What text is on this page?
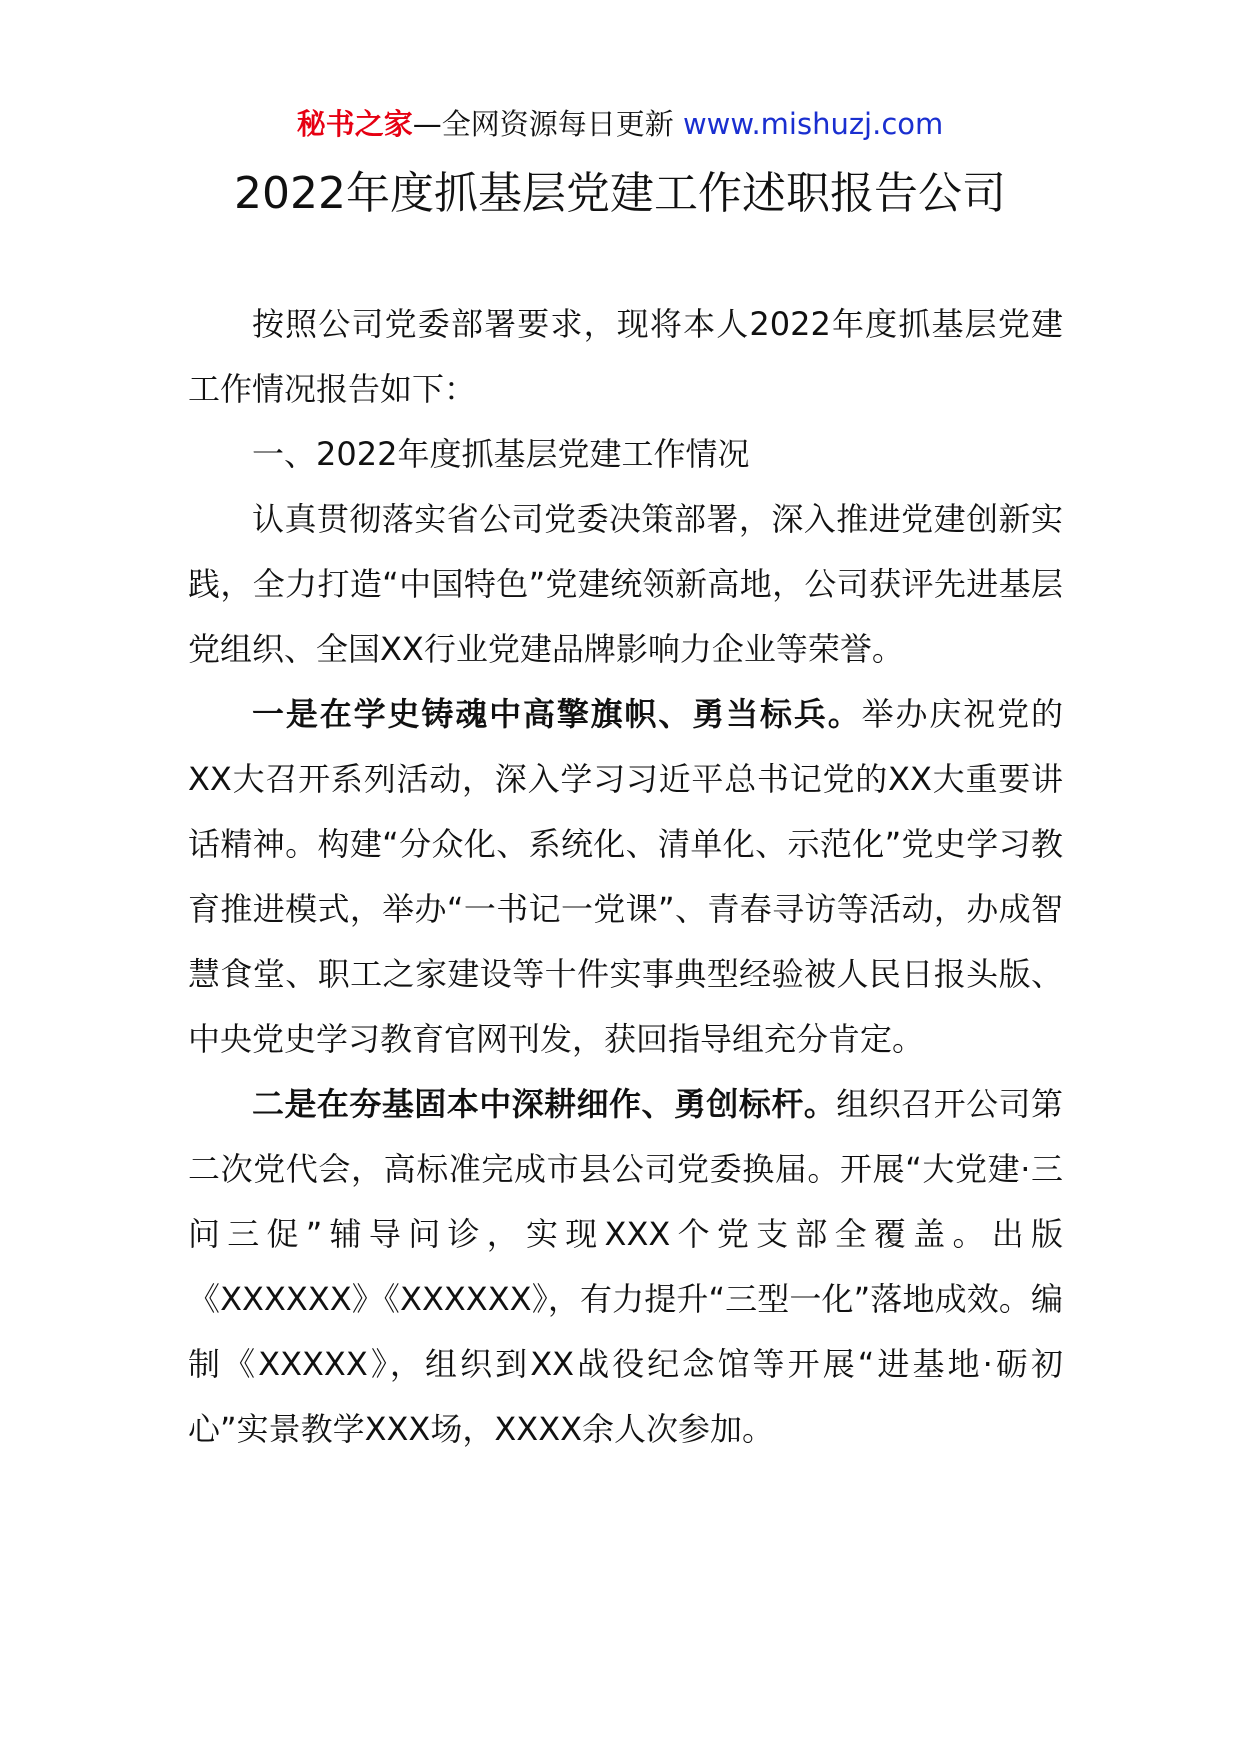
秘书之家—全网资源每日更新 www.mishuzj.com
2022年度抓基层党建工作述职报告公司

按照公司党委部署要求，现将本人2022年度抓基层党建工作情况报告如下：

一、2022年度抓基层党建工作情况

认真贯彻落实省公司党委决策部署，深入推进党建创新实践，全力打造“中国特色”党建统领新高地，公司获评先进基层党组织、全国XX行业党建品牌影响力企业等荣誉。

一是在学史铸魂中高擎旗帜、勇当标兵。举办庆祝党的XX大召开系列活动，深入学习习近平总书记党的XX大重要讲话精神。构建“分众化、系统化、清单化、示范化”党史学习教育推进模式，举办“一书记一党课”、青春寻访等活动，办成智慧食堂、职工之家建设等十件实事典型经验被人民日报头版、中央党史学习教育官网刊发，获回指导组充分肯定。

二是在夯基固本中深耕细作、勇创标杆。组织召开公司第二次党代会，高标准完成市县公司党委换届。开展“大党建·三问三促”辅导问诊，实现XXX个党支部全覆盖。出版《XXXXXX》《XXXXXX》，有力提升“三型一化”落地成效。编制《XXXXX》，组织到XX战役纪念馆等开展“进基地·砺初心”实景教学XXX场，XXXX余人次参加。
